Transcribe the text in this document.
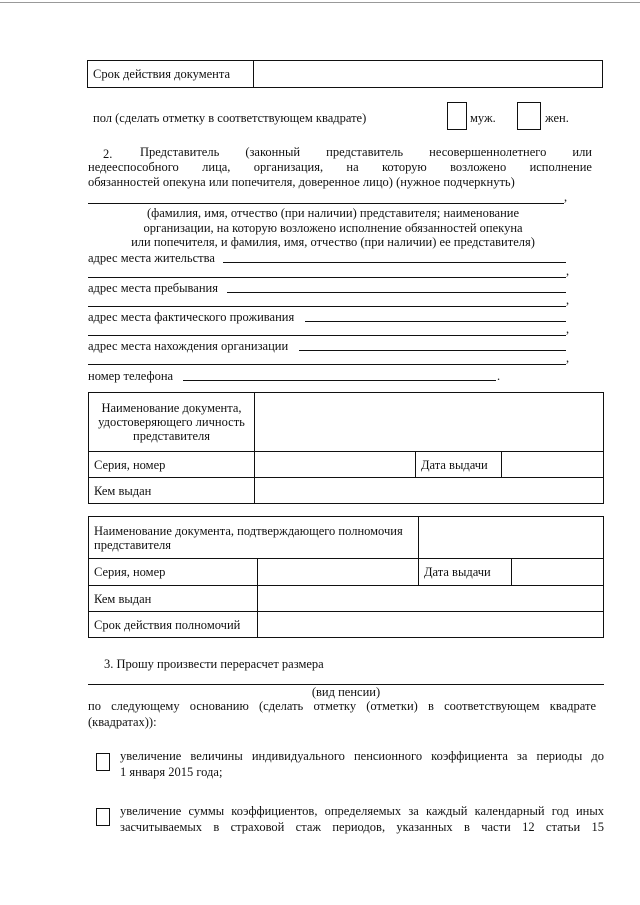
Срок действия документа	
пол (сделать отметку в соответствующем квадрате)	муж.	жен.
2. Представитель (законный представитель несовершеннолетнего или
недееспособного лица, организация, на которую возложено исполнение
обязанностей опекуна или попечителя, доверенное лицо) (нужное подчеркнуть)
,
(фамилия, имя, отчество (при наличии) представителя; наименование
организации, на которую возложено исполнение обязанностей опекуна
или попечителя, и фамилия, имя, отчество (при наличии) ее представителя)
адрес места жительства
,
адрес места пребывания
,
адрес места фактического проживания
,
адрес места нахождения организации
,
номер телефона	.
Наименование документа, удостоверяющего личность представителя			
Серия, номер		Дата выдачи	
Кем выдан			
Наименование документа, подтверждающего полномочия представителя			
Серия, номер		Дата выдачи	
Кем выдан			
Срок действия полномочий			
3. Прошу произвести перерасчет размера
(вид пенсии)
по следующему основанию (сделать отметку (отметки) в соответствующем квадрате
(квадратах)):
увеличение величины индивидуального пенсионного коэффициента за периоды до
1 января 2015 года;
увеличение суммы коэффициентов, определяемых за каждый календарный год иных
засчитываемых в страховой стаж периодов, указанных в части 12 статьи 15
